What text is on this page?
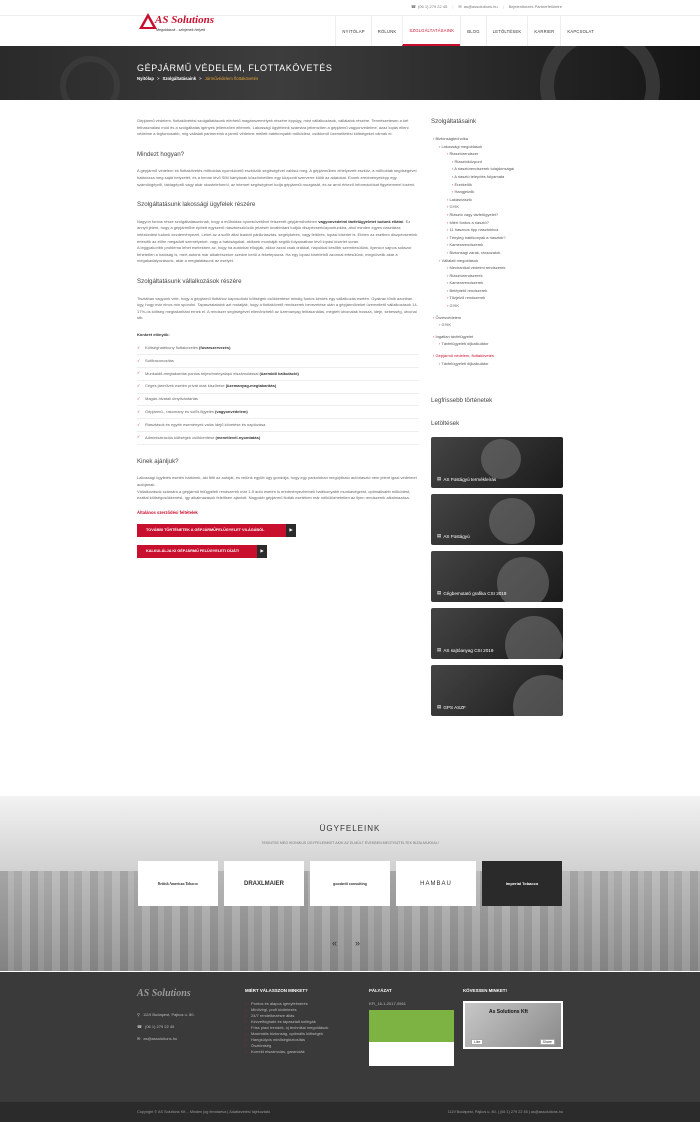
☎ (06 1) 279 22 45 | ✉ as@assolutions.hu | Bejelentkezés Partnerfelületre
AS Solutions
Megoldások - szinjenek helyett	NYITÓLAP	RÓLUNK	SZOLGÁLTATÁSAINK	BLOG	LETÖLTÉSEK	KARRIER	KAPCSOLAT
GÉPJÁRMŰ VÉDELEM, FLOTTAKÖVETÉS
Nyitólap > Szolgáltatásaink > Járművédelem flottakövetés

Gépjármű védelem, flottakövetési szolgáltatásunk elérhető magánszemélyek részére éppúgy, mint vállalkozások, vállalatok részére. Természetesen a két felhasználási mód és a szolgáltatás igények jellemzően eltérnek. Lakossági ügyfeleink számára jellemzően a gépjármű vagyonvédelme, azaz lopás elleni védelme a legfontosabb, míg vállalati partnereink a jármű védelme mellett hatékonyabb működést, csökkenő üzemeltetési költségeket várnak el.

Mindezt hogyan?

A gépjármű védelem és flottakövetés műholdas nyomkövető eszközök segítségével valósul meg. A gépjárműben elhelyezett eszköz, a műholdak segítségével határozza meg saját helyzetét, és a benne lévő SIM kártyának köszönhetően egy központi szerverre küldi az adatokat. Ennek eredményeképp egy számítógépről, táblagépről vagy akár okostelefonról, az internet segítségével tudja gépjárműi mozgását, és az arról érkező információkat figyelemmel kísérni.

Szolgáltatásunk lakossági ügyfelek részére

Nagyon fontos része szolgáltatásunknak, hogy a műholdas nyomkövetővel felszerelt gépjárművekben vagyonvédelmi távfelügyeletet tudunk ellátni. Ez annyit jelent, hogy a gépjárműbe épített egyszerű riasztóeszközök jelzését továbbítani tudjuk diszpécserközpontunkba, ahol minden egyes riasztásra intézkedést tudunk kezdeményezni. Lehet az a sofőr által leadott pánikriasztás, segélykérés, vagy feltörés, lopási kísérlet is. Ebben az esetben diszpécsereink értesítik az előre megadott személyeket, vagy a hatóságokat, akiknek munkáját segítik folyamatban lévő lopási kísérlet során.

A leggyakoribb probléma lehet esetekben az, hogy ha autónkat ellopják, akkor azzal csak órákkal, napokkal később szembesülünk, ilyenkor sajnos sokszor tehetetlen a hatóság is, mert autónk már alkatrészekre szedve kerül a feketepiacra. Ha egy lopási kísérletről azonnal értesülünk, megnövelik akár a megakadályozásunk, akár a megtalálásunk az esélyét.

Szolgáltatásunk vállalkozások részére

Tisztában vagyunk vele, hogy a gépjármű flottához kapcsolódó költségek csökkentése mindig fontos kérdés egy vállalkozás esetén. Gyakran tűnik azonban úgy, hogy már nincs min spórolni. Tapasztalataink azt mutatják, hogy a flottakövető rendszerek bevezetése után a gépjárműveket üzemeltető vállalkozások 14-17%-os költség megtakarítást érnek el. A rendszer segítségével ellenőrizhető az üzemanyag felhasználás, megtett útvonalak hossza, ideje, sebesség, útvonal stb.

Konkrét előnyök:

✓ Költséghatékony flottakezelés (fuvarszervezés)
✓ Sofőrazonosítás
✓ Munkaidő-megtakarítás pontos teljesítményalapú elszámolással (üzemidő kalkuláció)
✓ Céges járművek esetén privát utak kiszűrése (üzemanyag-megtakarítás)
✓ Magán-hivatali útnyilvántartás
✓ Gépjármű-, rakomány és sofőr-figyelés (vagyonvédelem)
✓ Riasztások és egyéb események valós idejű követése és naplózása
✓ Adminisztrációs költségek csökkentése (menetlevél-nyomtatás)
Kinek ajánljuk?

Lakossági ügyfelek esetén bárkinek, aki félti az autóját, és velünk együtt úgy gondolja, hogy egy parkolóban megújítható autóriasztó nem jelent igazi védelmet autójának.

Vállalkozások számára a gépjármű felügyeleti rendszerek már 1-5 autó esetén is eredményezhetnek hatékonyabb munkavégzést, optimálisabb működést, ezáltal költségcsökkenést, így alkalmazásuk felelősen ajánlott. Nagyobb gépjármű flották esetében már nélkülözhetetlen az ilyen rendszerek alkalmazása.

Általános szerződési feltételek
TOVÁBBI TÖRTÉNETEK A GÉPJÁRMŰFELÜGYELET VILÁGÁBÓL	▶
KALKULÁLJA KI GÉPJÁRMŰ FELÜGYELETI DÍJÁT!	▶
Szolgáltatásaink
› Biztonságtechnika
› Lakossági megoldások
› Riasztórendszer
› Riasztóközpont
› A riasztórendszerek tulajdonságai
› A riasztó telepítés folyamata
› Érzékelők
› Hangjelzők
› Lakásriasztó
› GYIK
› Riasztó vagy távfelügyelet?
› Miért fontos a riasztó?
› 11 hasznos tipp riasztókhoz
› Tényleg hatékonyak a riasztók?
› Kamerarendszerek
› Biztonsági zárak, rácsozatok
› Vállalati megoldások
› Mechanikai védelmi rendszerek
› Riasztórendszerek
› Kamerarendszerek
› Beléptető rendszerek
› Tűzjelző rendszerek
› GYIK
› Őrzésvédelem
› GYIK
› Ingatlan távfelügyelet
› Távfelügyeleti díjkalkulátor
› Gépjármű védelem, flottakövetés
› Távfelügyeleti díjkalkulátor
Legfrissebb történetek
Letöltések
▤ AS Füstágyú termékleírás
▤ AS Füstágyú
▤ Cégbemutató grafika CSI 2019
▤ AS sajtóanyag CSI 2019
▤ GPS ASZF
ÜGYFELEINK
TEKINTSE MEG IKONIKUS ÜGYFELEINKET AKIK AZ ELMÚLT ÉVEKBEN MEGTISZTELTEK BIZALMUKKAL!
British American Tobacco	DRAXLMAIER	goodwill consulting	HAMBAU	Imperial Tobacco
« »
AS Solutions
⚲ 1119 Budapest, Pajkos u. 80.
☎ (06 1) 279 22 45
✉ as@assolutions.hu
MIÉRT VÁLASSZON MINKET?
• Pontos és alapos igényfelmérés
• Minővégi, profi kivitelezés
• 24/7 rendelkezésre állás
• Kézzelfogható és tapasztalt kollégák
• Friss piaci trendek, új technikai megoldások
• Maximális biztonság, optimális költségek
• Hangsúlyos minőségbiztosítás
• Ösztöntség
• Korrekt elszámolás, garanciák
PÁLYÁZAT
KFI_16-1-2017-0561
KÖVESSEN MINKET!
As Solutions Kft
Like	Share
Copyright © AS Solutions Kft. - Minden jog fenntartva | Adatkezelési tájékoztató	1119 Budapest, Pajkos u. 80. | (06 1) 279 22 45 | as@assolutions.hu
